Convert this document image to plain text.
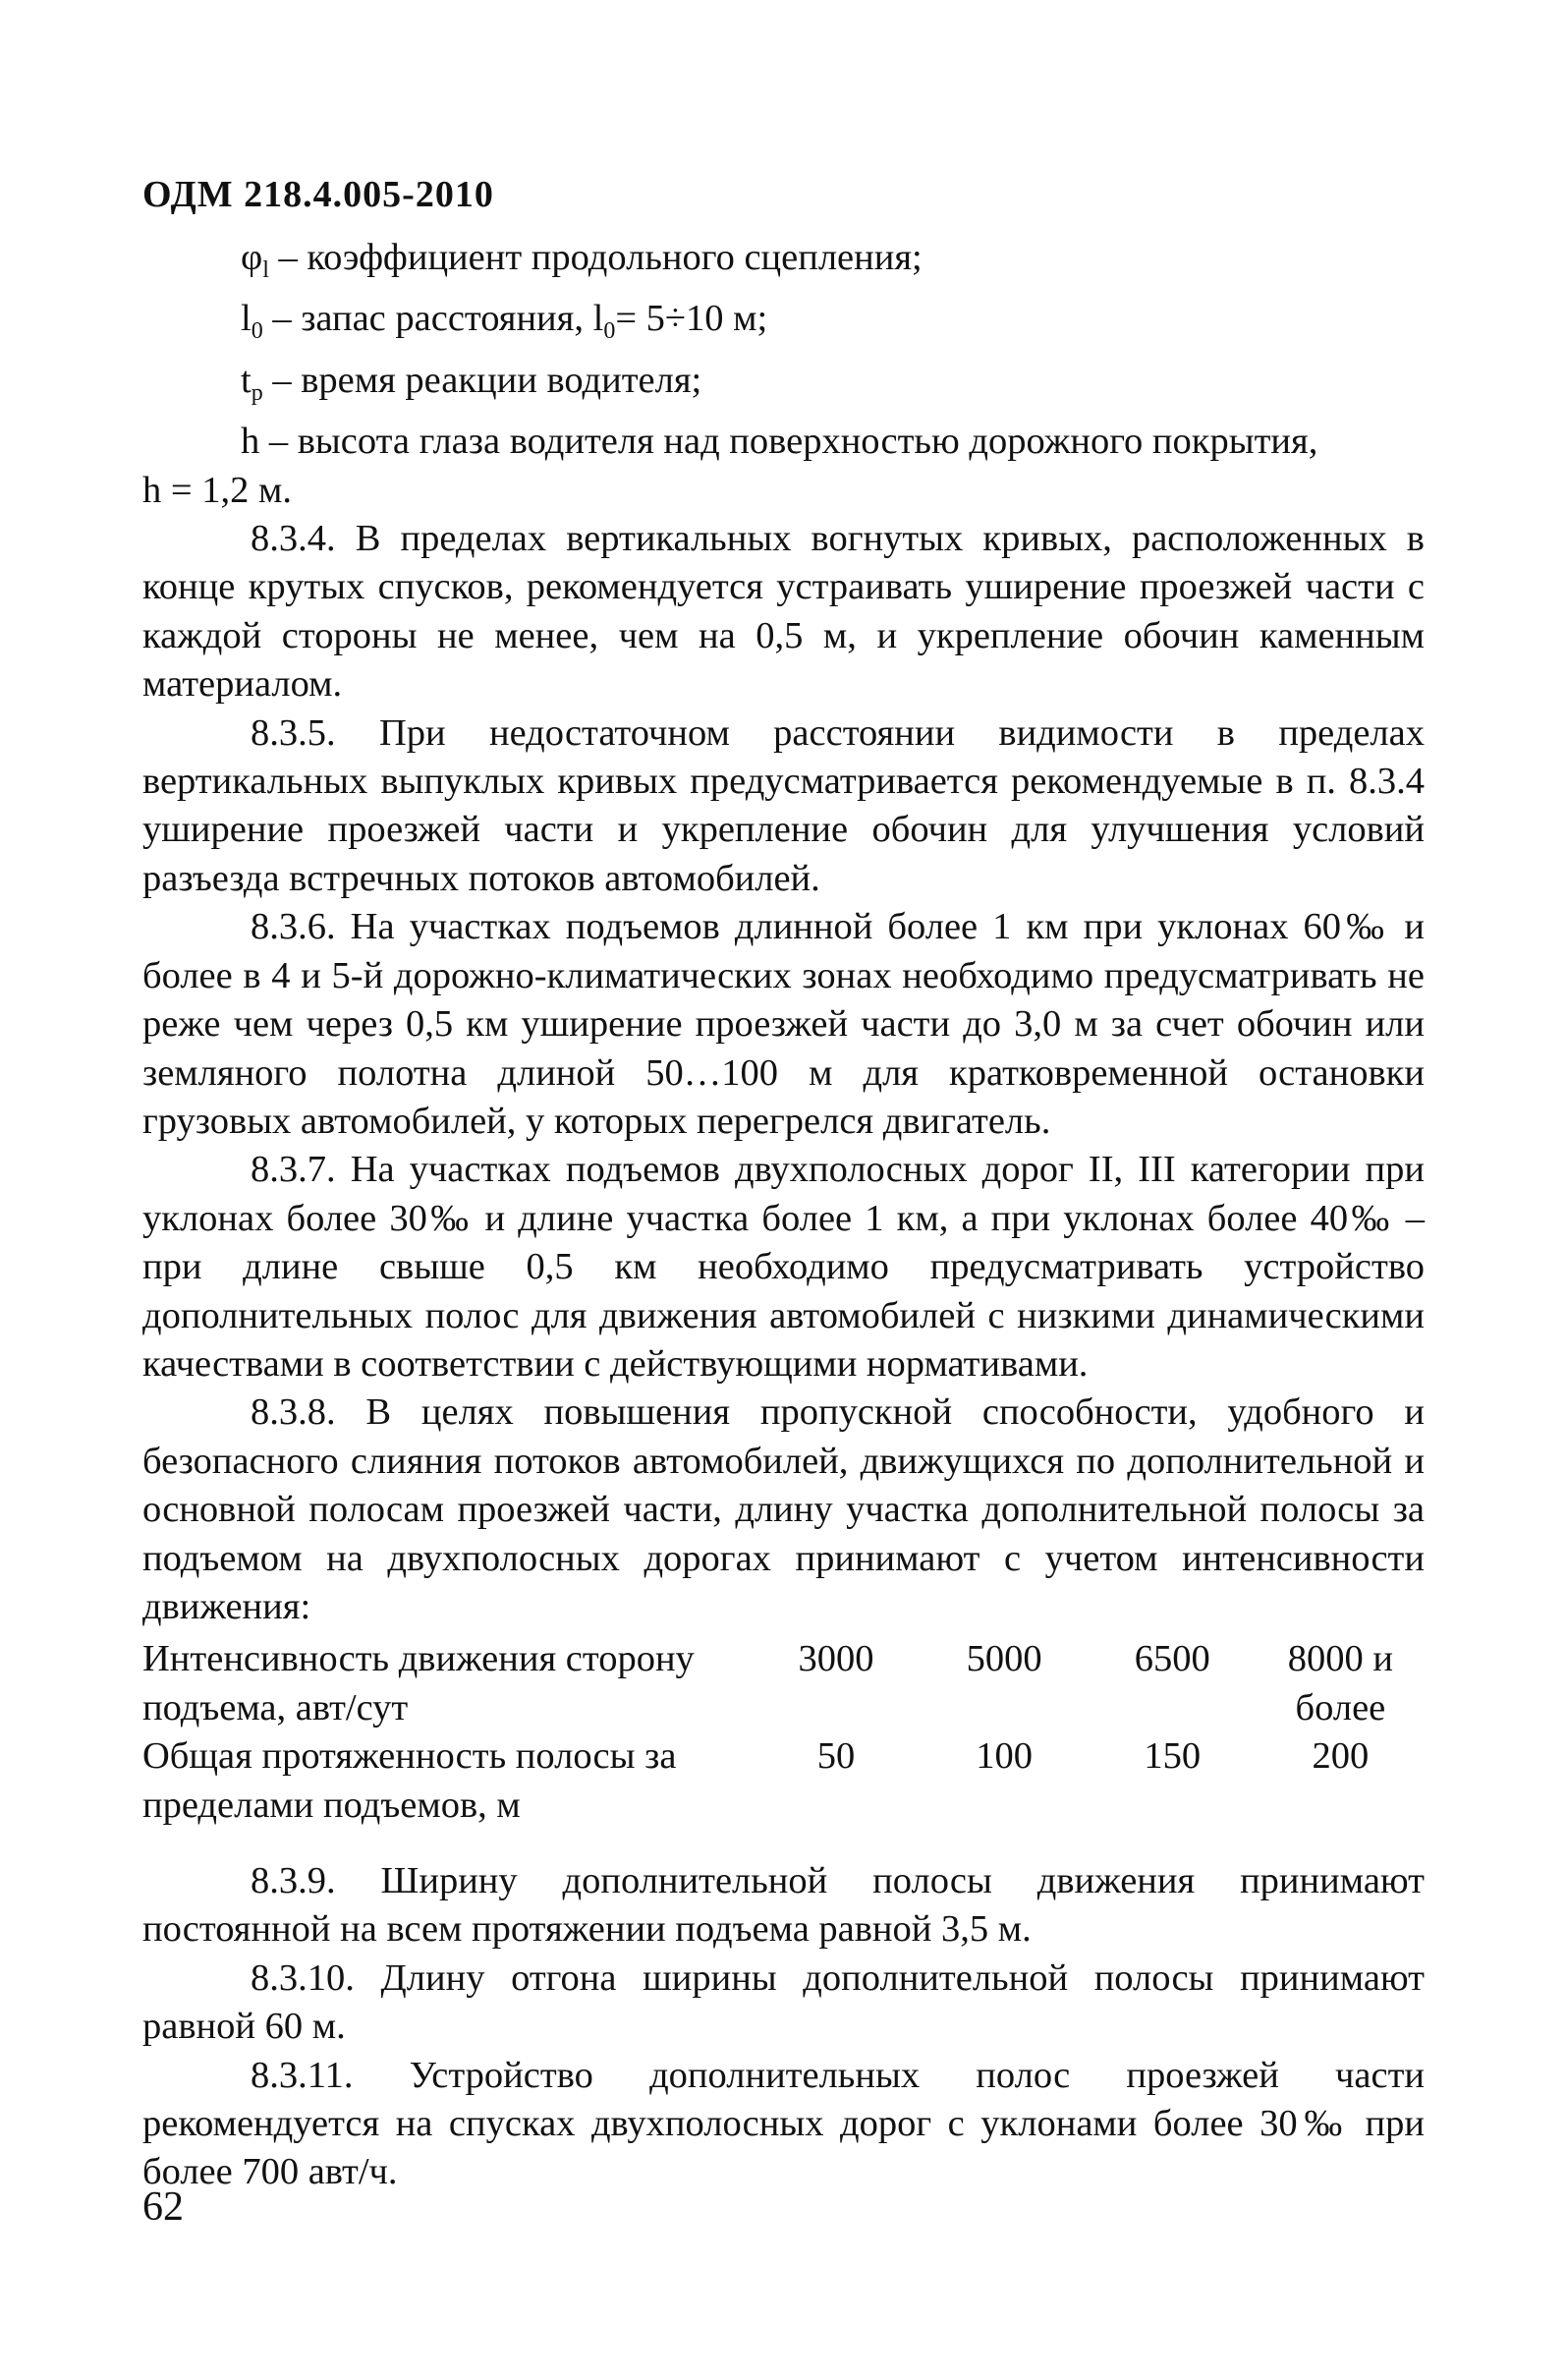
ОДМ 218.4.005-2010
$\varphi_l$ – коэффициент продольного сцепления;
$l_0$ – запас расстояния, $l_0= 5\div 10$ м;
$t_р$ – время реакции водителя;
h – высота глаза водителя над поверхностью дорожного покрытия,
h = 1,2 м.

8.3.4. В пределах вертикальных вогнутых кривых, расположенных в конце крутых спусков, рекомендуется устраивать уширение проезжей части с каждой стороны не менее, чем на 0,5 м, и укрепление обочин каменным материалом.

8.3.5. При недостаточном расстоянии видимости в пределах вертикальных выпуклых кривых предусматривается рекомендуемые в п. 8.3.4 уширение проезжей части и укрепление обочин для улучшения условий разъезда встречных потоков автомобилей.

8.3.6. На участках подъемов длинной более 1 км при уклонах 60‰ и более в 4 и 5-й дорожно-климатических зонах необходимо предусматривать не реже чем через 0,5 км уширение проезжей части до 3,0 м за счет обочин или земляного полотна длиной 50…100 м для кратковременной остановки грузовых автомобилей, у которых перегрелся двигатель.

8.3.7. На участках подъемов двухполосных дорог II, III категории при уклонах более 30‰ и длине участка более 1 км, а при уклонах более 40‰ – при длине свыше 0,5 км необходимо предусматривать устройство дополнительных полос для движения автомобилей с низкими динамическими качествами в соответствии с действующими нормативами.

8.3.8. В целях повышения пропускной способности, удобного и безопасного слияния потоков автомобилей, движущихся по дополнительной и основной полосам проезжей части, длину участка дополнительной полосы за подъемом на двухполосных дорогах принимают с учетом интенсивности движения:

Интенсивность движения сторону подъема, авт/сут	3000	5000	6500	8000 и более
Общая протяженность полосы за пределами подъемов, м	50	100	150	200

8.3.9. Ширину дополнительной полосы движения принимают постоянной на всем протяжении подъема равной 3,5 м.

8.3.10. Длину отгона ширины дополнительной полосы принимают равной 60 м.

8.3.11. Устройство дополнительных полос проезжей части рекомендуется на спусках двухполосных дорог с уклонами более 30‰ при более 700 авт/ч.

62
